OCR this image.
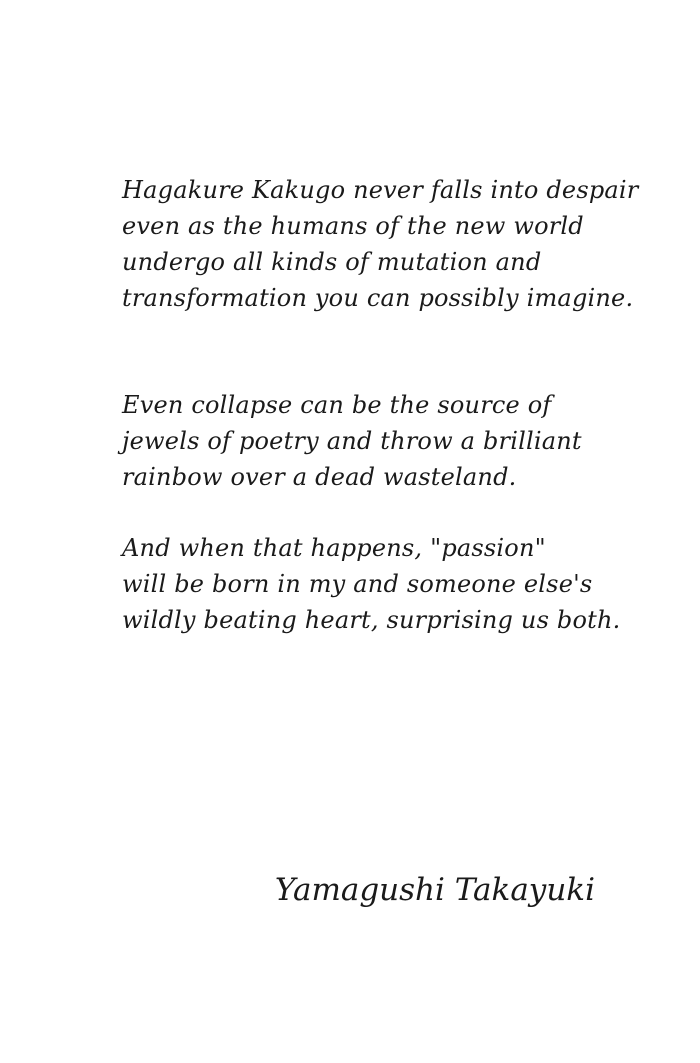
Hagakure Kakugo never falls into despair
even as the humans of the new world
undergo all kinds of mutation and
transformation you can possibly imagine.

Even collapse can be the source of
jewels of poetry and throw a brilliant
rainbow over a dead wasteland.

And when that happens, "passion"
will be born in my and someone else's
wildly beating heart, surprising us both.

Yamagushi Takayuki
